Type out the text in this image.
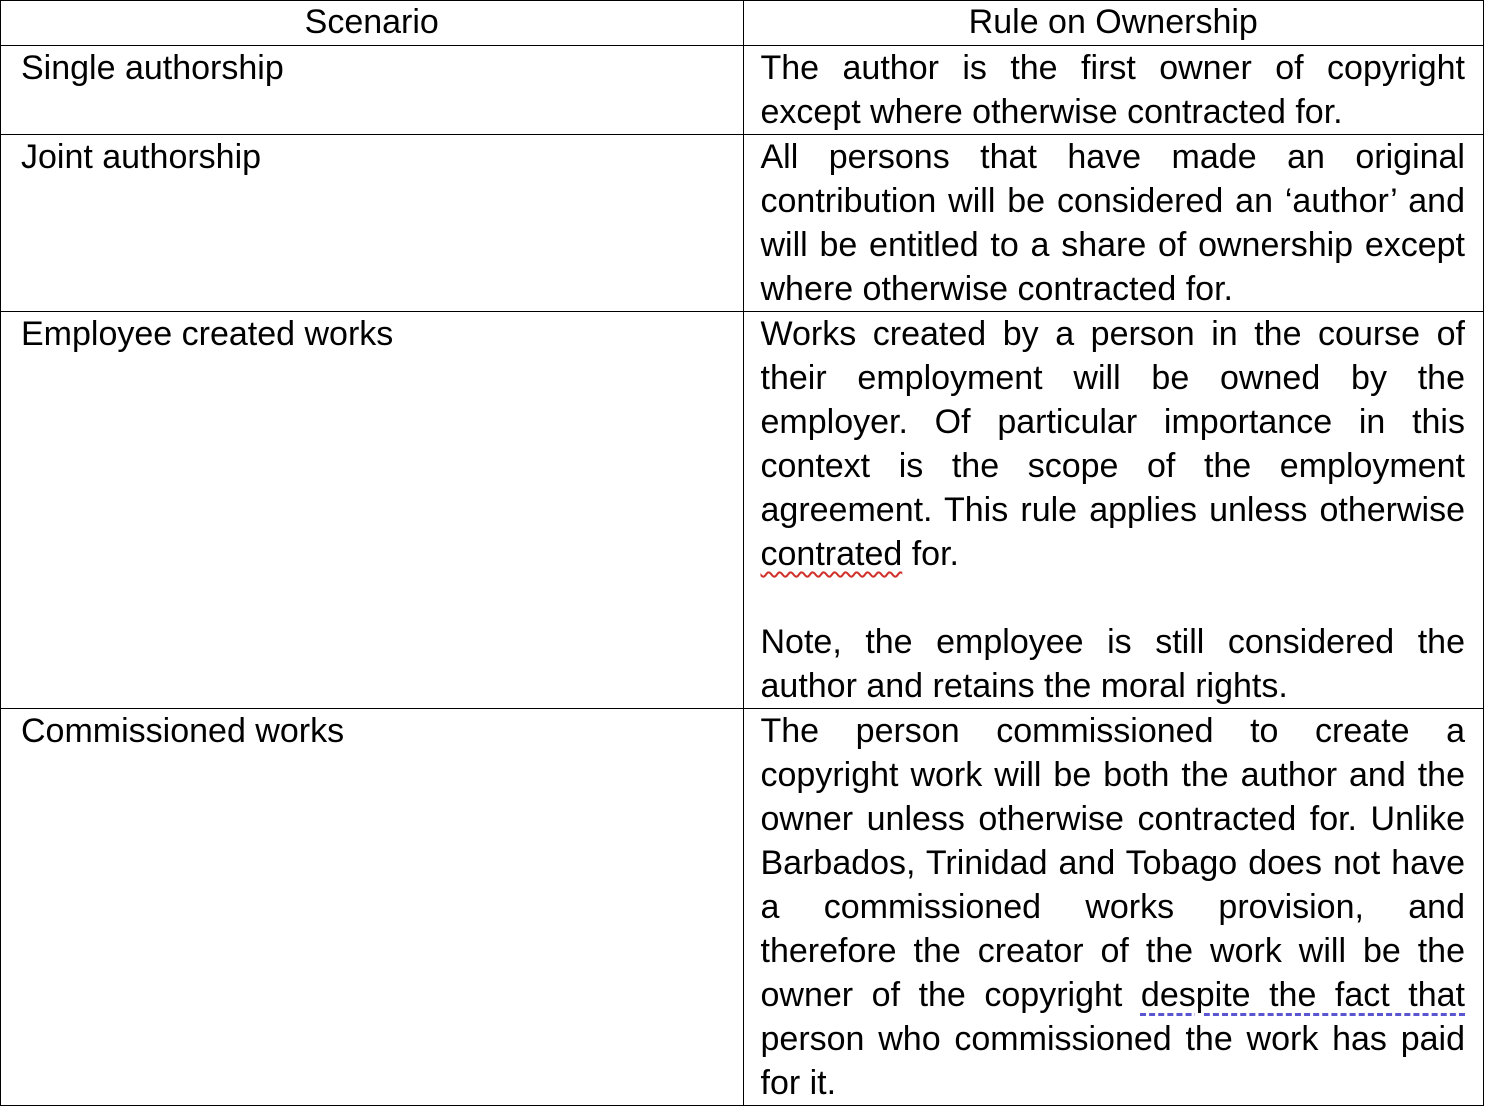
Scenario	Rule on Ownership
Single authorship	The author is the first owner of copyright except where otherwise contracted for.
Joint authorship	All persons that have made an original contribution will be considered an ‘author’ and will be entitled to a share of ownership except where otherwise contracted for.
Employee created works	Works created by a person in the course of their employment will be owned by the employer. Of particular importance in this context is the scope of the employment agreement. This rule applies unless otherwise contrated for.

Note, the employee is still considered the author and retains the moral rights.

Commissioned works	The person commissioned to create a copyright work will be both the author and the owner unless otherwise contracted for. Unlike Barbados, Trinidad and Tobago does not have a commissioned works provision, and therefore the creator of the work will be the owner of the copyright despite the fact that person who commissioned the work has paid for it.
